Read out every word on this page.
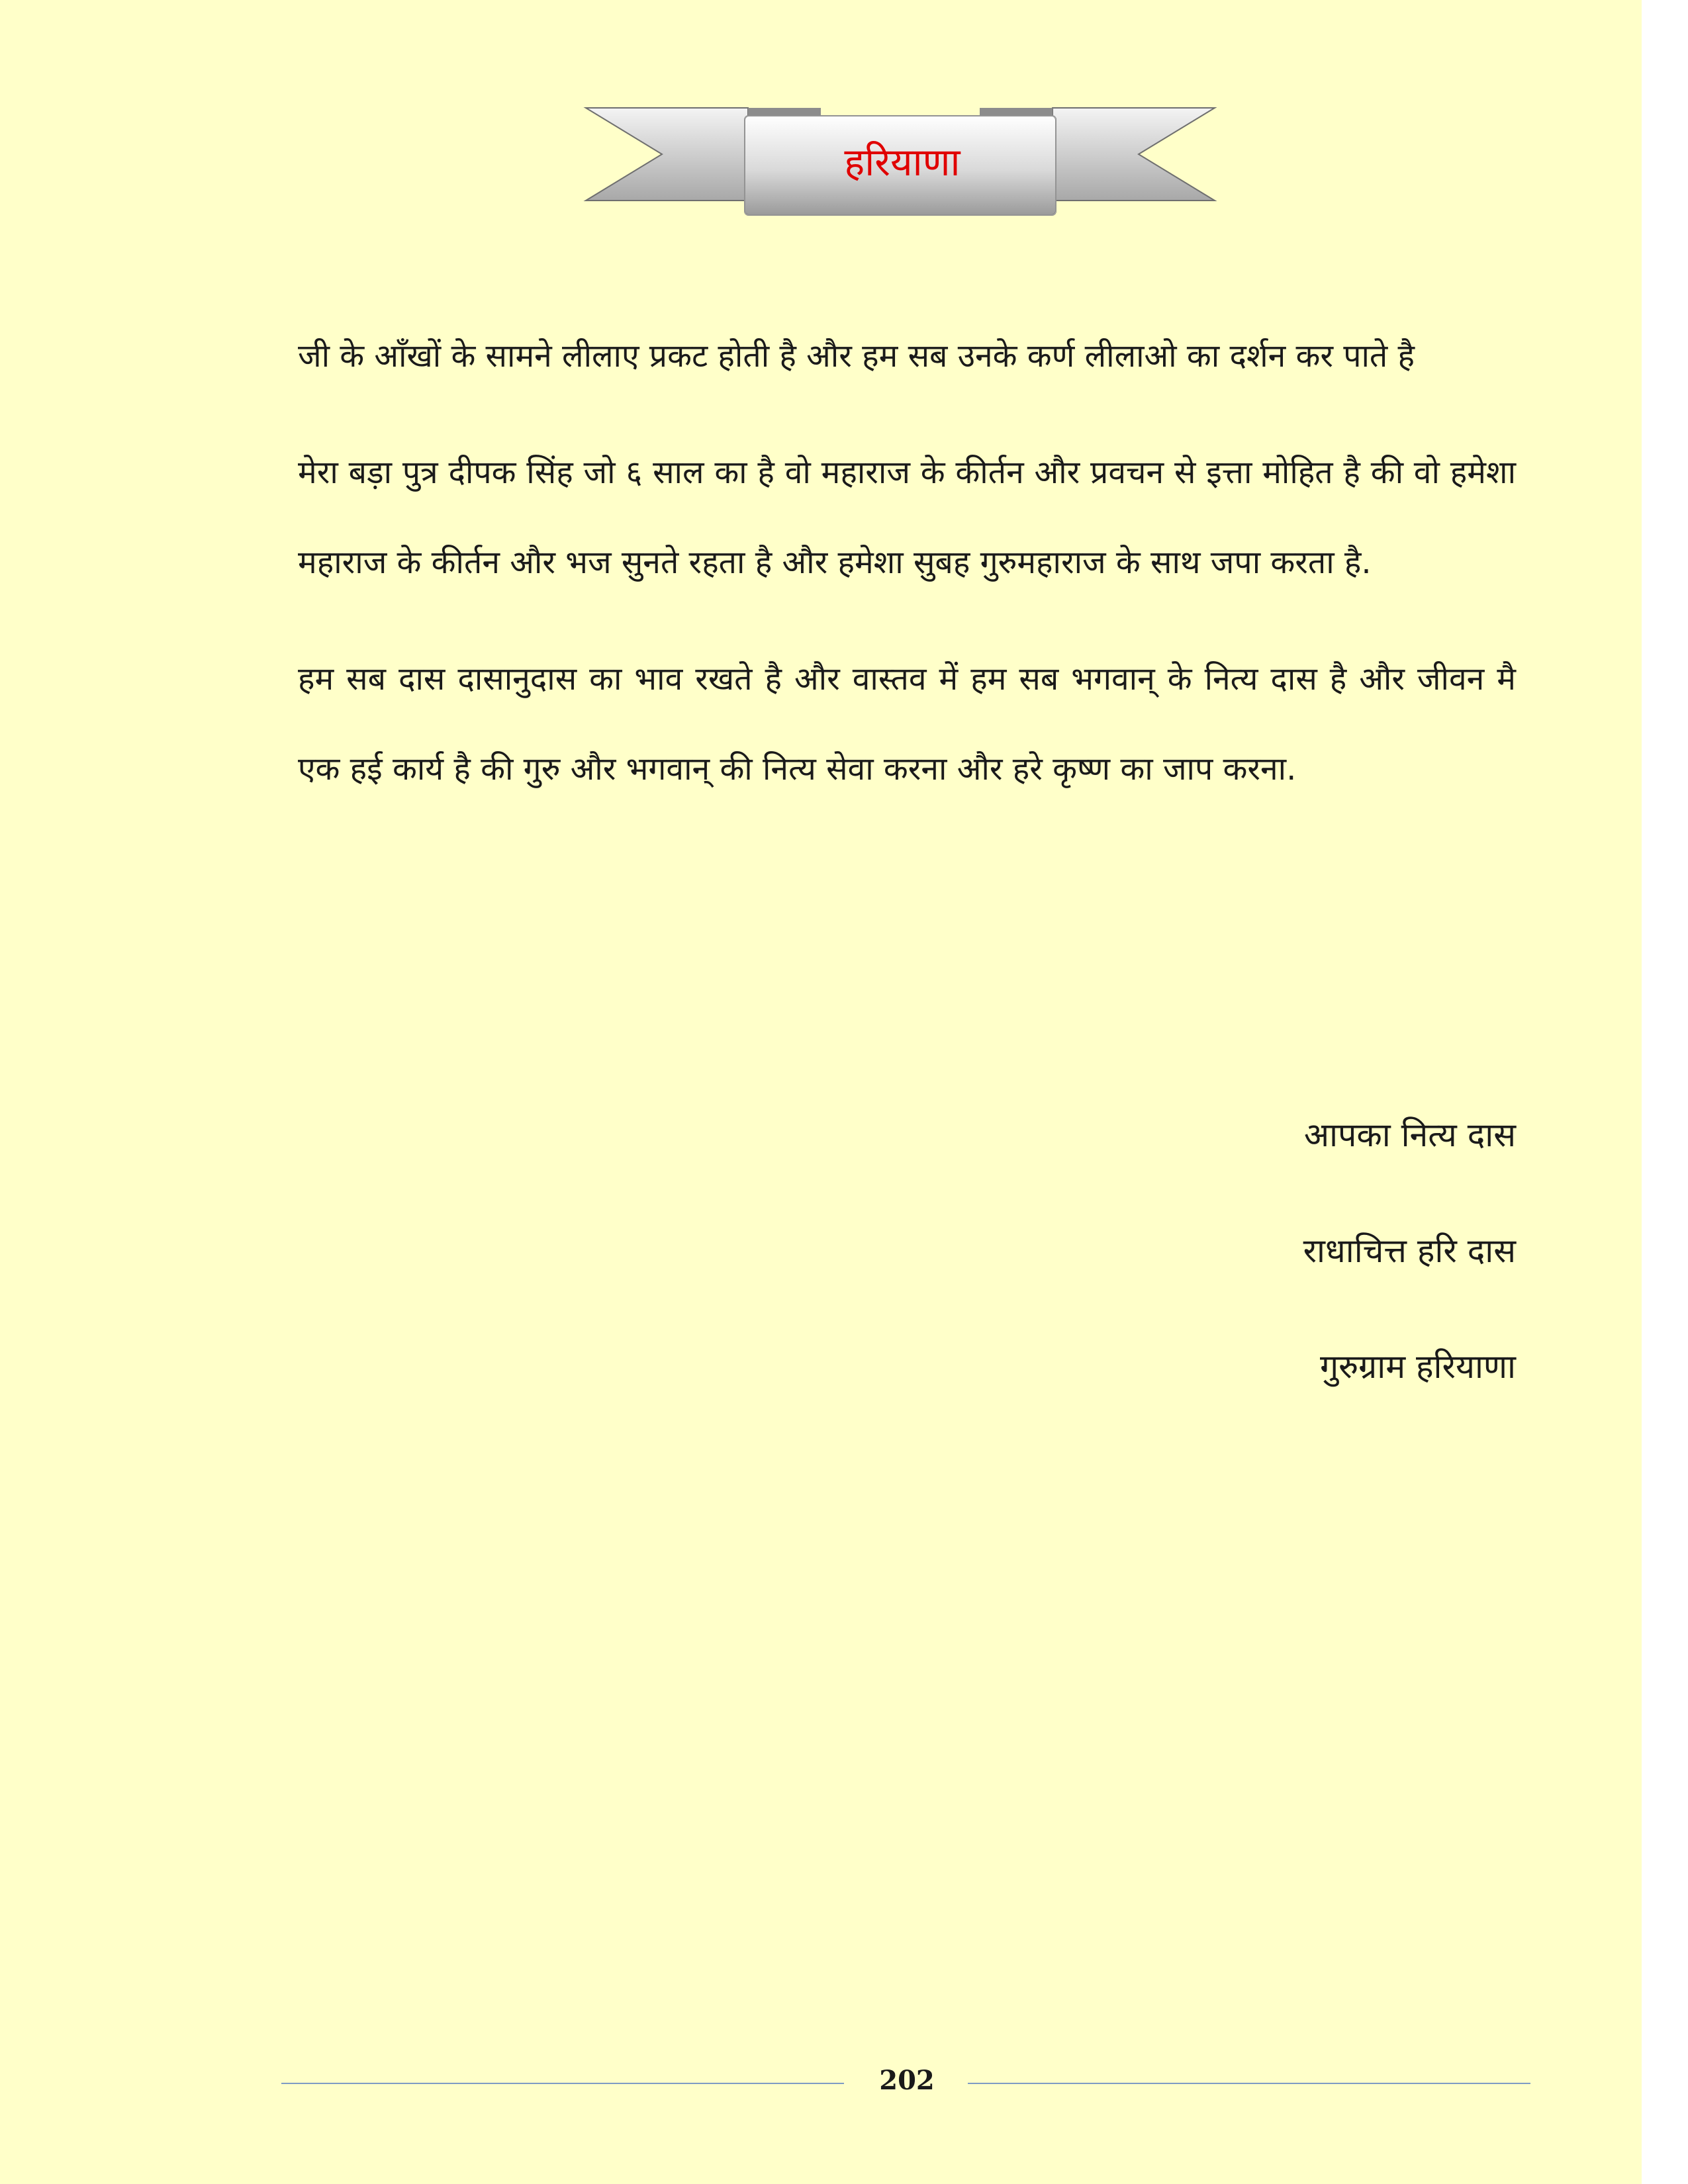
हरियाणा

जी के आँखों के सामने लीलाए प्रकट होती है और हम सब उनके कर्ण लीलाओ का दर्शन कर पाते है

मेरा बड़ा पुत्र दीपक सिंह जो ६ साल का है वो महाराज के कीर्तन और प्रवचन से इत्ता मोहित है की वो हमेशा महाराज के कीर्तन और भज सुनते रहता है और हमेशा सुबह गुरुमहाराज के साथ जपा करता है.

हम सब दास दासानुदास का भाव रखते है और वास्तव में हम सब भगवान् के नित्य दास है और जीवन मै एक हई कार्य है की गुरु और भगवान् की नित्य सेवा करना और हरे कृष्ण का जाप करना.

आपका नित्य दास
राधाचित्त हरि दास
गुरुग्राम हरियाणा
202
